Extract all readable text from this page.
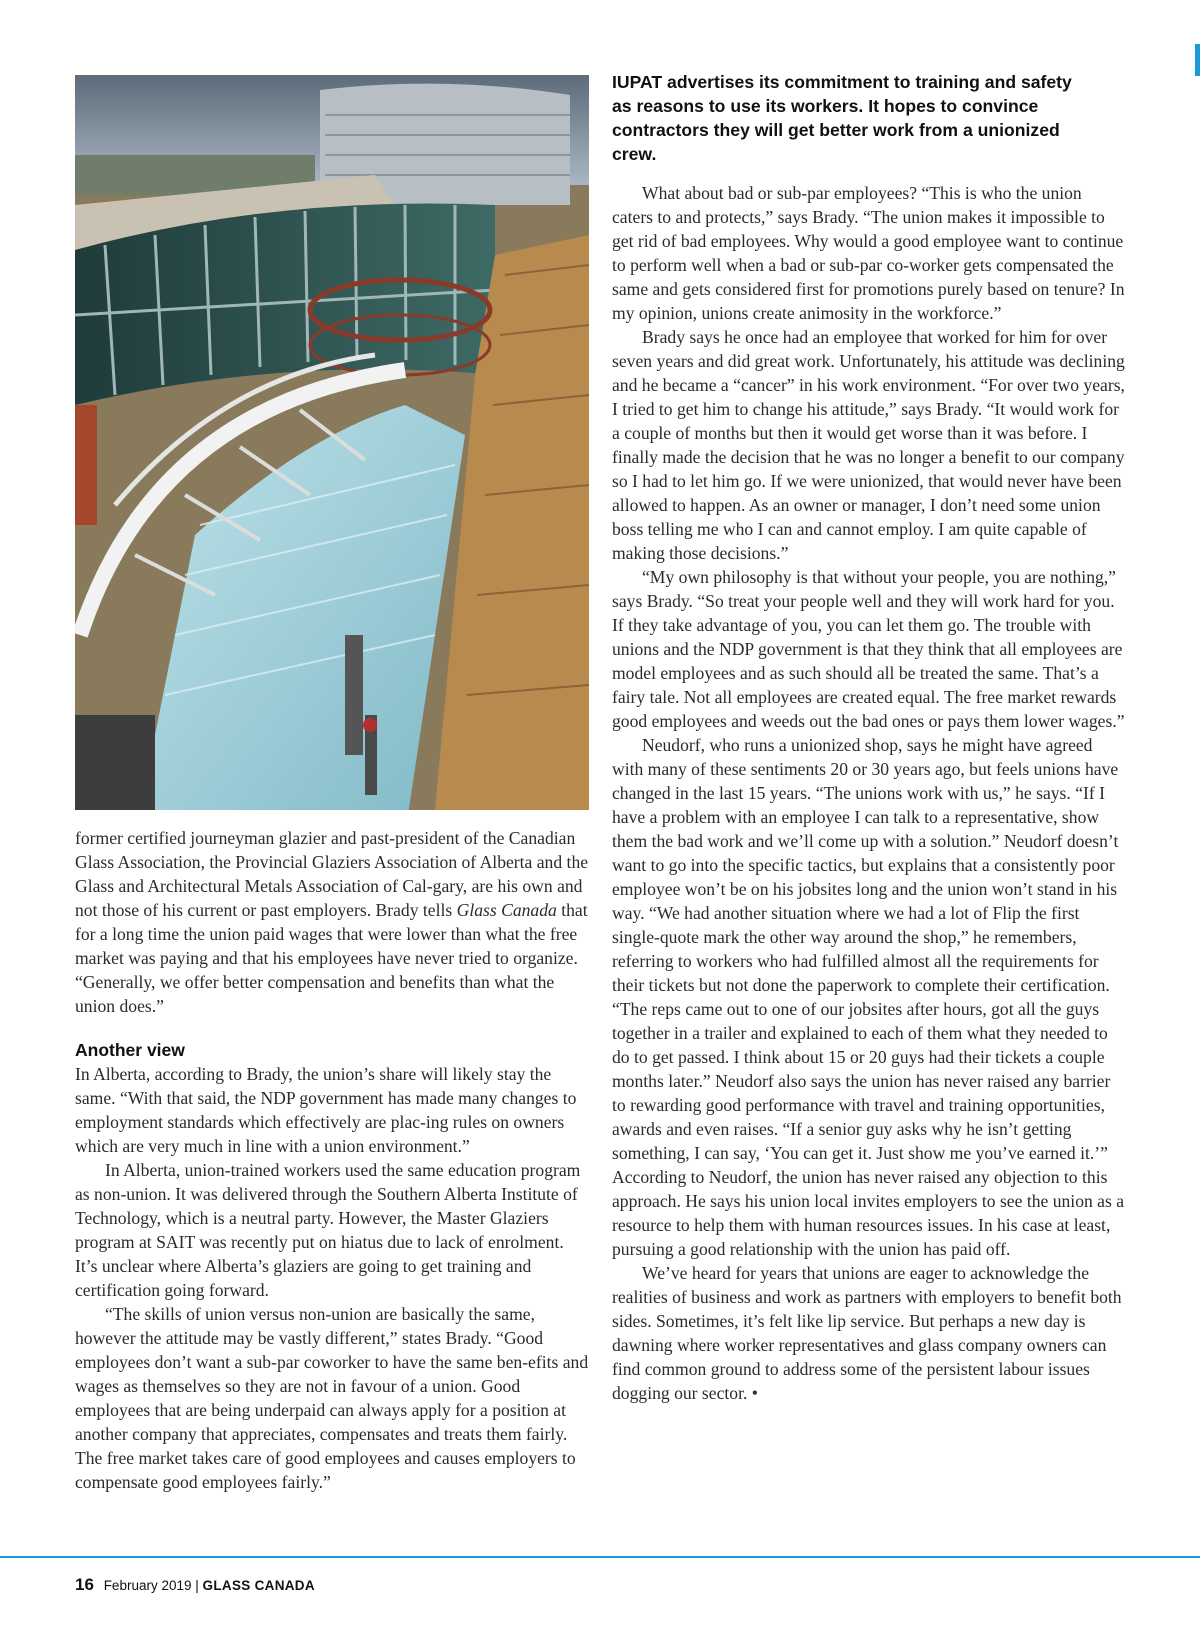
former certified journeyman glazier and past-president of the Canadian Glass Association, the Provincial Glaziers Association of Alberta and the Glass and Architectural Metals Association of Cal-gary, are his own and not those of his current or past employers. Brady tells Glass Canada that for a long time the union paid wages that were lower than what the free market was paying and that his employees have never tried to organize. “Generally, we offer better compensation and benefits than what the union does.”

Another view

In Alberta, according to Brady, the union’s share will likely stay the same. “With that said, the NDP government has made many changes to employment standards which effectively are plac-ing rules on owners which are very much in line with a union environment.”

In Alberta, union-trained workers used the same education program as non-union. It was delivered through the Southern Alberta Institute of Technology, which is a neutral party. However, the Master Glaziers program at SAIT was recently put on hiatus due to lack of enrolment. It’s unclear where Alberta’s glaziers are going to get training and certification going forward.

“The skills of union versus non-union are basically the same, however the attitude may be vastly different,” states Brady. “Good employees don’t want a sub-par coworker to have the same ben-efits and wages as themselves so they are not in favour of a union. Good employees that are being underpaid can always apply for a position at another company that appreciates, compensates and treats them fairly. The free market takes care of good employees and causes employers to compensate good employees fairly.”

IUPAT advertises its commitment to training and safety as reasons to use its workers. It hopes to convince contractors they will get better work from a unionized crew.

What about bad or sub-par employees? “This is who the union caters to and protects,” says Brady. “The union makes it impossible to get rid of bad employees. Why would a good employee want to continue to perform well when a bad or sub-par co-worker gets compensated the same and gets considered first for promotions purely based on tenure? In my opinion, unions create animosity in the workforce.”

Brady says he once had an employee that worked for him for over seven years and did great work. Unfortunately, his attitude was declining and he became a “cancer” in his work environment. “For over two years, I tried to get him to change his attitude,” says Brady. “It would work for a couple of months but then it would get worse than it was before. I finally made the decision that he was no longer a benefit to our company so I had to let him go. If we were unionized, that would never have been allowed to happen. As an owner or manager, I don’t need some union boss telling me who I can and cannot employ. I am quite capable of making those decisions.”

“My own philosophy is that without your people, you are nothing,” says Brady. “So treat your people well and they will work hard for you. If they take advantage of you, you can let them go. The trouble with unions and the NDP government is that they think that all employees are model employees and as such should all be treated the same. That’s a fairy tale. Not all employees are created equal. The free market rewards good employees and weeds out the bad ones or pays them lower wages.”

Neudorf, who runs a unionized shop, says he might have agreed with many of these sentiments 20 or 30 years ago, but feels unions have changed in the last 15 years. “The unions work with us,” he says. “If I have a problem with an employee I can talk to a representative, show them the bad work and we’ll come up with a solution.” Neudorf doesn’t want to go into the specific tactics, but explains that a consistently poor employee won’t be on his jobsites long and the union won’t stand in his way. “We had another situation where we had a lot of Flip the first single-quote mark the other way around the shop,” he remembers, referring to workers who had fulfilled almost all the requirements for their tickets but not done the paperwork to complete their certification. “The reps came out to one of our jobsites after hours, got all the guys together in a trailer and explained to each of them what they needed to do to get passed. I think about 15 or 20 guys had their tickets a couple months later.” Neudorf also says the union has never raised any barrier to rewarding good performance with travel and training opportunities, awards and even raises. “If a senior guy asks why he isn’t getting something, I can say, ‘You can get it. Just show me you’ve earned it.’” According to Neudorf, the union has never raised any objection to this approach. He says his union local invites employers to see the union as a resource to help them with human resources issues. In his case at least, pursuing a good relationship with the union has paid off.

We’ve heard for years that unions are eager to acknowledge the realities of business and work as partners with employers to benefit both sides. Sometimes, it’s felt like lip service. But perhaps a new day is dawning where worker representatives and glass company owners can find common ground to address some of the persistent labour issues dogging our sector. •

16 February 2019 | GLASS CANADA
